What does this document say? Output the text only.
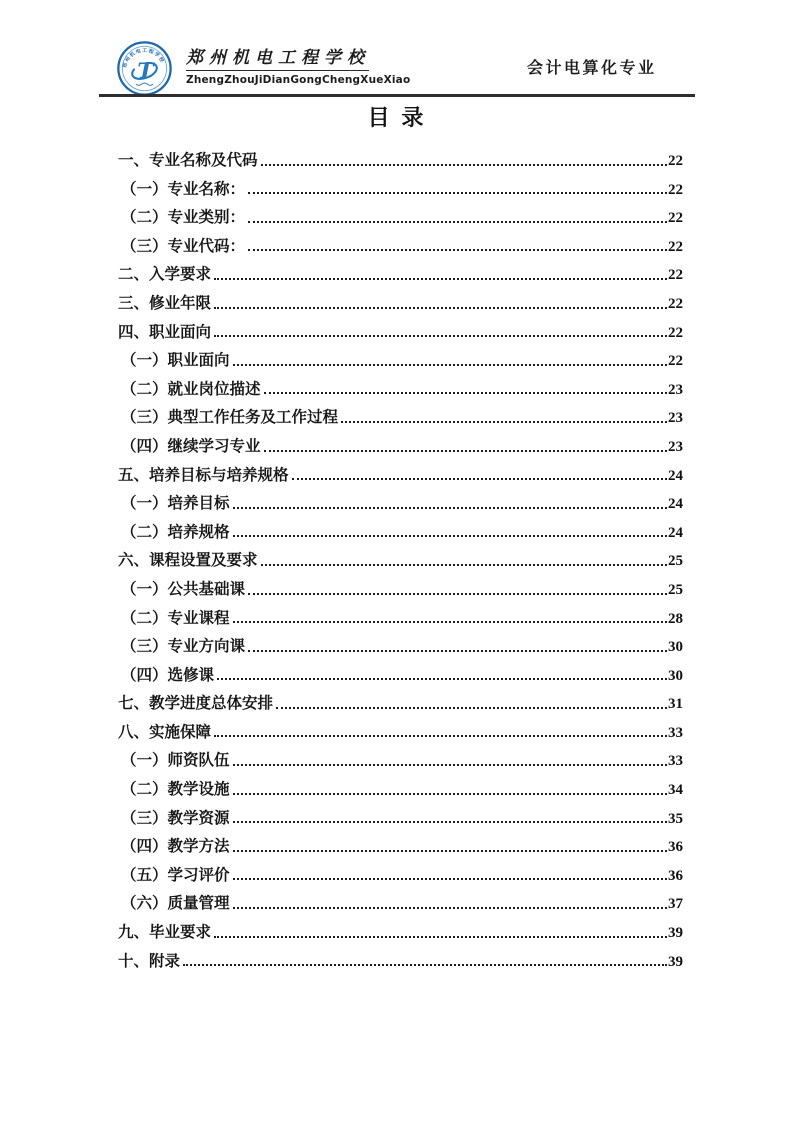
郑州机电工程学校
T 郑州机电工程学校
ZhengZhouJiDianGongChengXueXiao
会计电算化专业
目 录
一、专业名称及代码	22
（一）专业名称：	22
（二）专业类别：	22
（三）专业代码：	22
二、入学要求	22
三、修业年限	22
四、职业面向	22
（一）职业面向	22
（二）就业岗位描述	23
（三）典型工作任务及工作过程	23
（四）继续学习专业	23
五、培养目标与培养规格	24
（一）培养目标	24
（二）培养规格	24
六、课程设置及要求	25
（一）公共基础课	25
（二）专业课程	28
（三）专业方向课	30
（四）选修课	30
七、教学进度总体安排	31
八、实施保障	33
（一）师资队伍	33
（二）教学设施	34
（三）教学资源	35
（四）教学方法	36
（五）学习评价	36
（六）质量管理	37
九、毕业要求	39
十、附录	39
